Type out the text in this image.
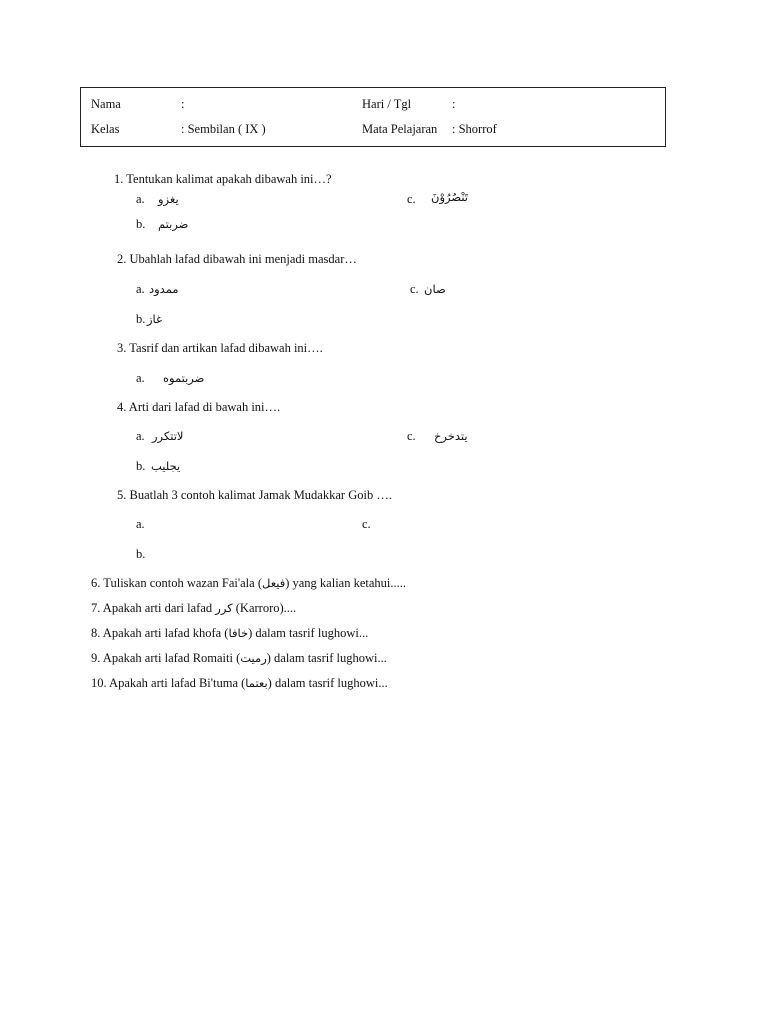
Nama	:
Kelas	: Sembilan ( IX )
Hari / Tgl	:
Mata Pelajaran : Shorrof
1. Tentukan kalimat apakah dibawah ini…?
a. يغزو	c. تَنْصُرُوْنَ
b. ضربتم
2. Ubahlah lafad dibawah ini menjadi masdar…
a. ممدود	c. صان
b. غاز
3. Tasrif dan artikan lafad dibawah ini….
a. ضربتموه
4. Arti dari lafad di bawah ini….
a. لاتتكرر	c. يتدخرخ
b. يجليب
5. Buatlah 3 contoh kalimat Jamak Mudakkar Goib ….
a.	c.
b.
6. Tuliskan contoh wazan Fai'ala (فيعل) yang kalian ketahui.....
7. Apakah arti dari lafad كرر (Karroro)....
8. Apakah arti lafad khofa (خافا) dalam tasrif lughowi...
9. Apakah arti lafad Romaiti (رميت) dalam tasrif lughowi...
10. Apakah arti lafad Bi'tuma (بعتما) dalam tasrif lughowi...
